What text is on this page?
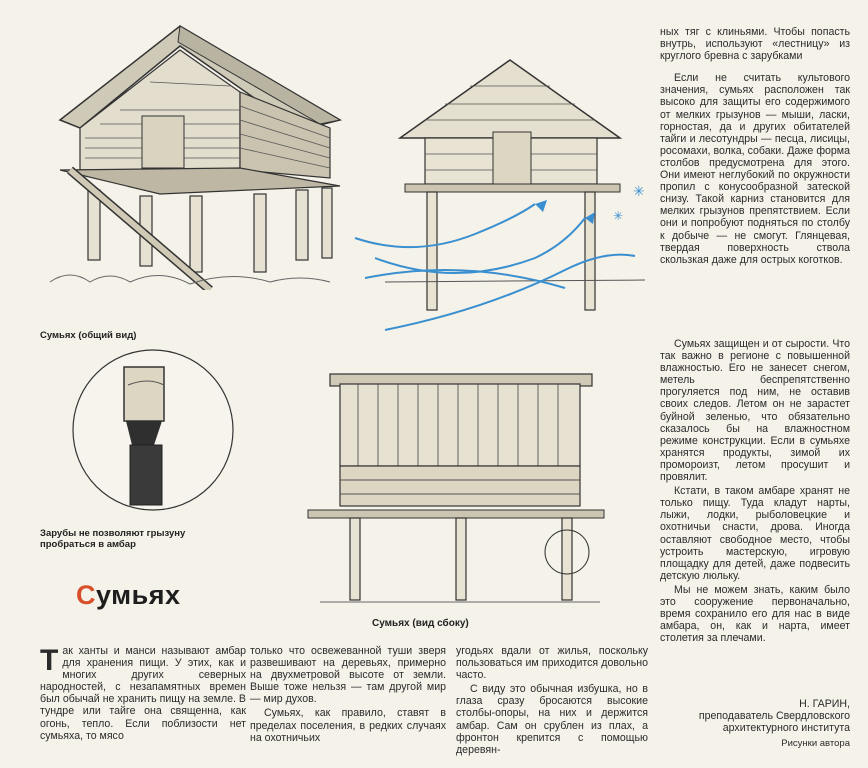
Сумьях (общий вид)
✳
✳
Зарубы не позволяют грызуну
пробраться в амбар
Сумьях (вид сбоку)
Сумьях
Т ак ханты и манси называют амбар для хранения пищи. У этих, как и многих других северных народностей, с незапамятных времен был обычай не хранить пищу на земле. В тундре или тайге она священна, как огонь, тепло. Если поблизости нет сумьяха, то мясо

только что освежеванной туши зверя развешивают на деревьях, примерно на двухметровой высоте от земли. Выше тоже нельзя — там другой мир — мир духов.

Сумьях, как правило, ставят в пределах поселения, в редких случаях на охотничьих

угодьях вдали от жилья, поскольку пользоваться им приходится довольно часто.

С виду это обычная избушка, но в глаза сразу бросаются высокие столбы-опоры, на них и держится амбар. Сам он срублен из плах, а фронтон крепится с помощью деревян-

ных тяг с клиньями. Чтобы попасть внутрь, используют «лестницу» из круглого бревна с зарубками

Если не считать культового значения, сумьях расположен так высоко для защиты его содержимого от мелких грызунов — мыши, ласки, горностая, да и других обитателей тайги и лесотундры — песца, лисицы, росомахи, волка, собаки. Даже форма столбов предусмотрена для этого. Они имеют неглубокий по окружности пропил с конусообразной затеской снизу. Такой карниз становится для мелких грызунов препятствием. Если они и попробуют подняться по столбу к добыче — не смогут. Глянцевая, твердая поверхность ствола скользкая даже для острых коготков.

Сумьях защищен и от сырости. Что так важно в регионе с повышенной влажностью. Его не занесет снегом, метель беспрепятственно прогуляется под ним, не оставив своих следов. Летом он не зарастет буйной зеленью, что обязательно сказалось бы на влажностном режиме конструкции. Если в сумьяхе хранятся продукты, зимой их промороизт, летом просушит и провялит.

Кстати, в таком амбаре хранят не только пищу. Туда кладут нарты, лыжи, лодки, рыболовецкие и охотничьи снасти, дрова. Иногда оставляют свободное место, чтобы устроить мастерскую, игровую площадку для детей, даже подвесить детскую люльку.

Мы не можем знать, каким было это сооружение первоначально, время сохранило его для нас в виде амбара, он, как и нарта, имеет столетия за плечами.

Н. ГАРИН,
преподаватель Свердловского
архитектурного института
Рисунки автора
